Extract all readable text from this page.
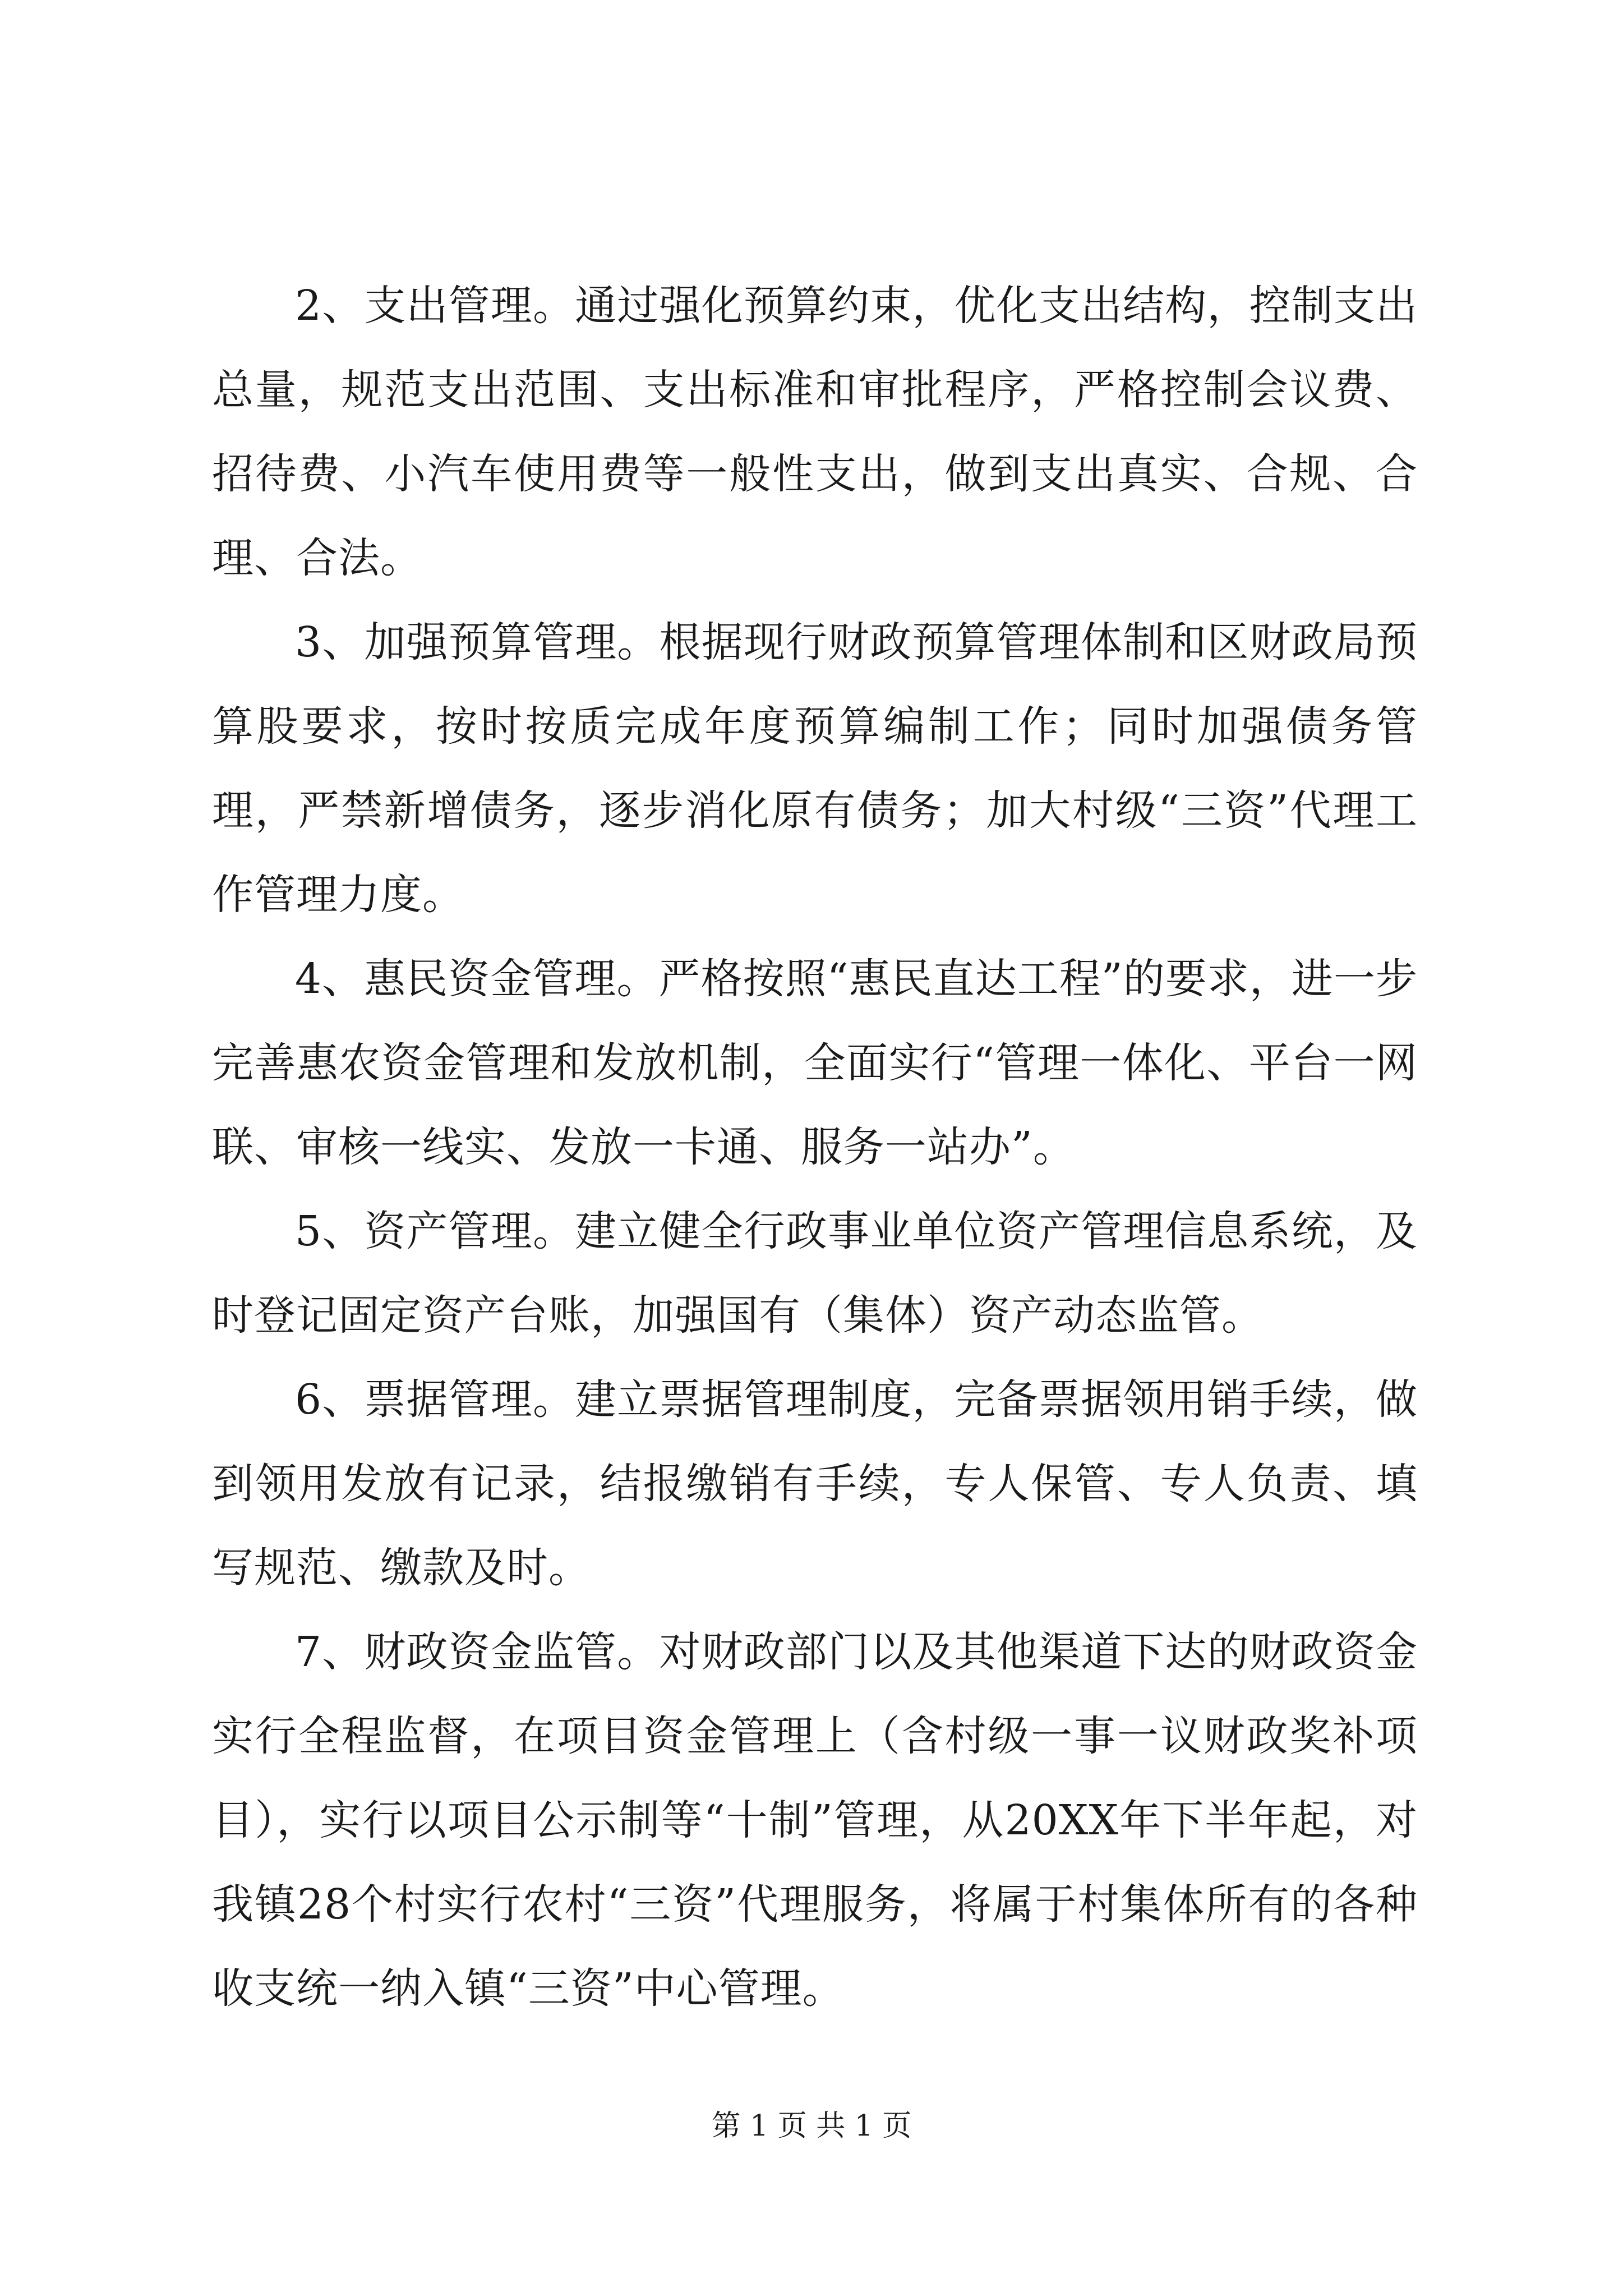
2、支出管理。通过强化预算约束，优化支出结构，控制支出总量，规范支出范围、支出标准和审批程序，严格控制会议费、招待费、小汽车使用费等一般性支出，做到支出真实、合规、合理、合法。

3、加强预算管理。根据现行财政预算管理体制和区财政局预算股要求，按时按质完成年度预算编制工作；同时加强债务管理，严禁新增债务，逐步消化原有债务；加大村级“三资”代理工作管理力度。

4、惠民资金管理。严格按照“惠民直达工程”的要求，进一步完善惠农资金管理和发放机制，全面实行“管理一体化、平台一网联、审核一线实、发放一卡通、服务一站办”。

5、资产管理。建立健全行政事业单位资产管理信息系统，及时登记固定资产台账，加强国有（集体）资产动态监管。

6、票据管理。建立票据管理制度，完备票据领用销手续，做到领用发放有记录，结报缴销有手续，专人保管、专人负责、填写规范、缴款及时。

7、财政资金监管。对财政部门以及其他渠道下达的财政资金实行全程监督，在项目资金管理上（含村级一事一议财政奖补项目），实行以项目公示制等“十制”管理，从20XX年下半年起，对我镇28个村实行农村“三资”代理服务，将属于村集体所有的各种收支统一纳入镇“三资”中心管理。

第 1 页 共 1 页
